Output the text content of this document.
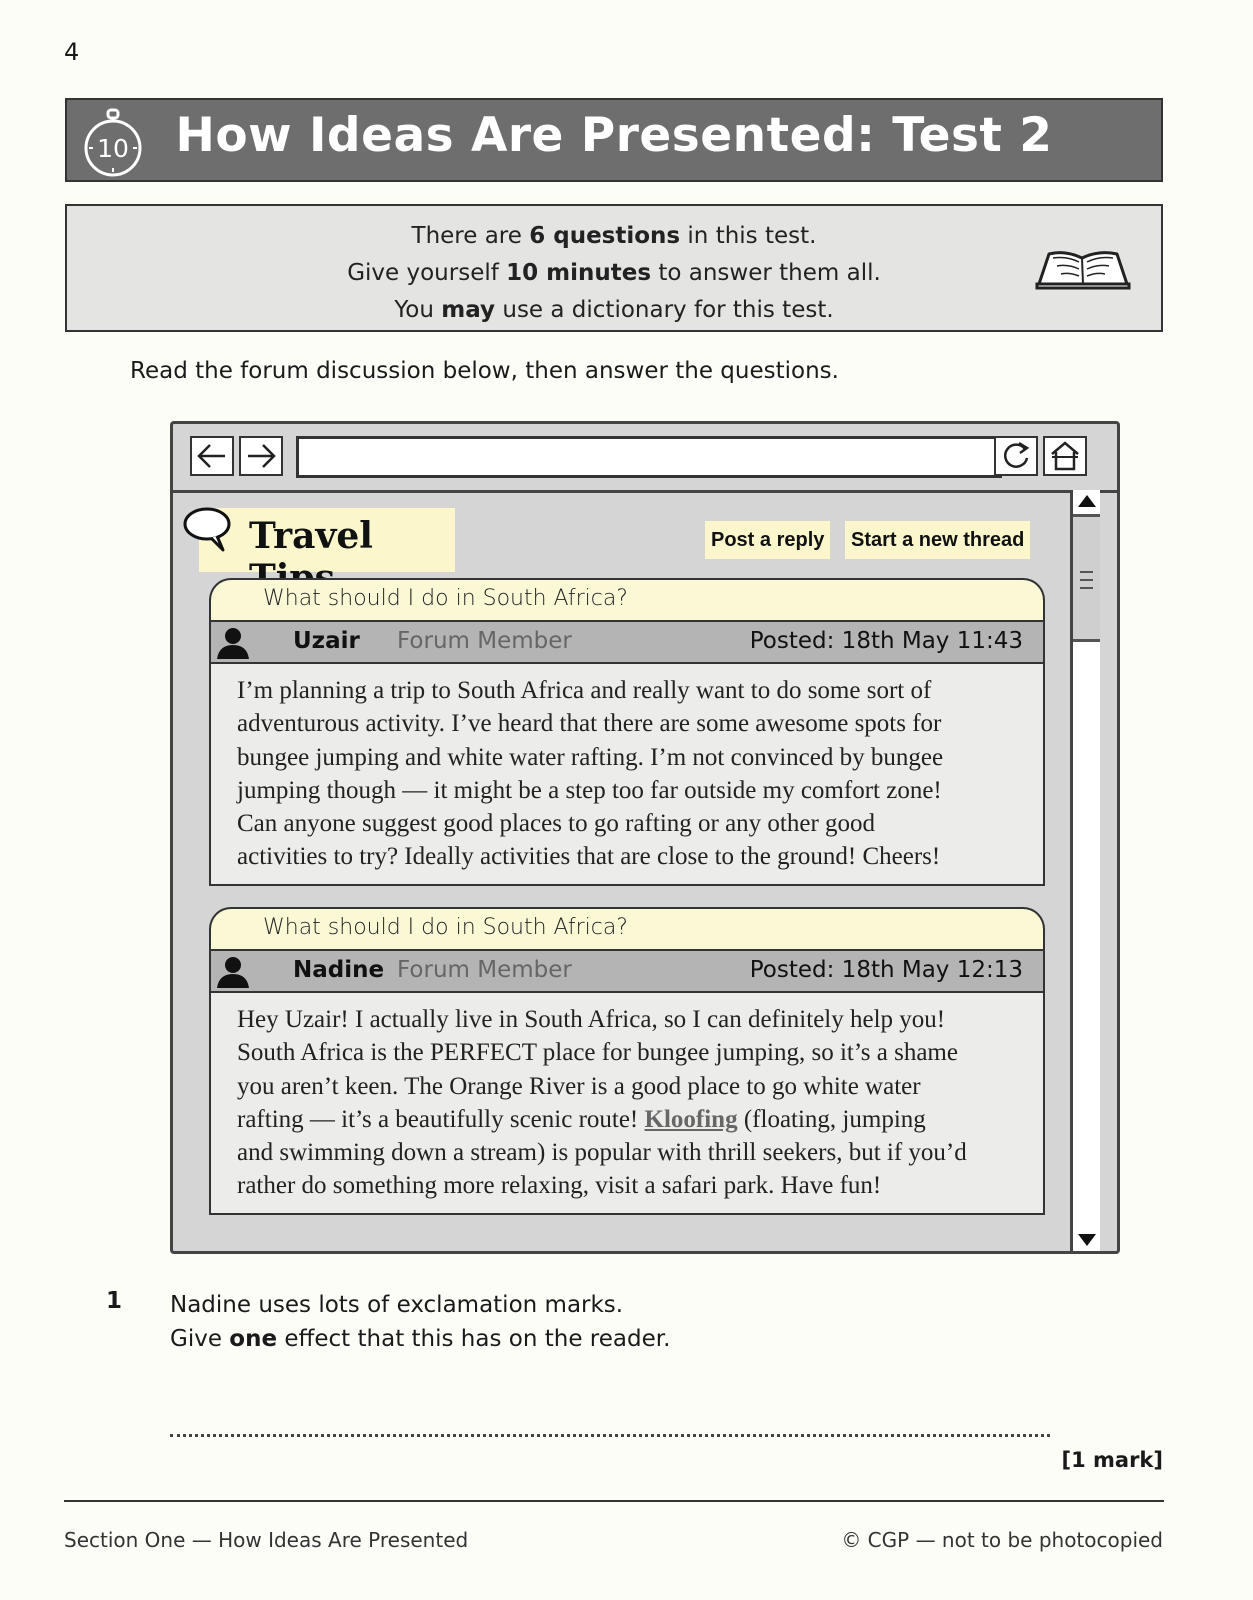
4
10 How Ideas Are Presented: Test 2
There are 6 questions in this test.
Give yourself 10 minutes to answer them all.
You may use a dictionary for this test.
Read the forum discussion below, then answer the questions.
Travel	Post a reply	Start a new thread
What should I do in South Africa?
Uzair Forum Member	Posted: 18th May 11:43
I’m planning a trip to South Africa and really want to do some sort of
adventurous activity. I’ve heard that there are some awesome spots for
bungee jumping and white water rafting. I’m not convinced by bungee
jumping though — it might be a step too far outside my comfort zone!
Can anyone suggest good places to go rafting or any other good
activities to try? Ideally activities that are close to the ground! Cheers!
What should I do in South Africa?
Nadine Forum Member	Posted: 18th May 12:13
Hey Uzair! I actually live in South Africa, so I can definitely help you!
South Africa is the PERFECT place for bungee jumping, so it’s a shame
you aren’t keen. The Orange River is a good place to go white water
rafting — it’s a beautifully scenic route! Kloofing (floating, jumping
and swimming down a stream) is popular with thrill seekers, but if you’d
rather do something more relaxing, visit a safari park. Have fun!
1 Nadine uses lots of exclamation marks.
Give one effect that this has on the reader.
[1 mark]
Section One — How Ideas Are Presented	© CGP — not to be photocopied
